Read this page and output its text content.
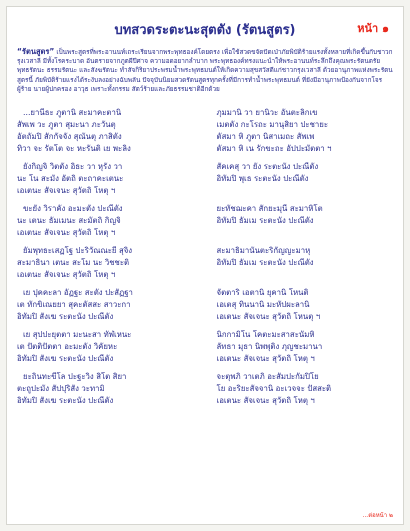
หน้า ๑
บทสวดระตะนะสุตตัง (รัตนสูตร)
“รัตนสูตร” เป็นพระสูตรที่พระอานนท์เถระเรียนจากพระพุทธองค์โดยตรง เพื่อใช้สวดขจัดปัดเป่าภัยพิบัติร้ายแรงทั้งหลายที่เกิดขึ้นกับชาวกรุงเวสาลี มีทั้งโรคระบาด อันตรายจากภูตผีปีศาจ ความอดอยากลำบาก พระพุทธองค์ทรงแนะนำให้พระอานนท์ระลึกถึงคุณพระรัตนตรัย พุทธรัตนะ ธรรมรัตนะ และสังฆรัตนะ ทำสัจกิริยาประพรมน้ำพระพุทธมนต์ให้เกิดความสุขสวัสดีแก่ชาวกรุงเวสาลี ด้วยอานุภาพแห่งพระรัตนสูตรนี้ ภัยพิบัติร้ายแรงได้ระงับลงอย่างฉับพลัน ปัจจุบันนิยมสวดรัตนสูตรทุกครั้งที่มีการทำน้ำพระพุทธมนต์ ที่ยังมีอานุภาพป้องกันจากโจรผู้ร้าย นายผู้ปกครอง อาวุธ เพราะทั้งกรรม สัตว์ร้ายและภัยธรรมชาติอีกด้วย
...ยานีธะ ภูตานิ สะมาคะตานิ
สัพเพ วะ ภูตา สุมะนา ภะวันตุ
อัตถัมปิ สักกัจจัง สุณันตุ ภาสิตัง
ทิวา จะ รัตโต จะ หะรันติ เย พะลิง
ภุมมานิ วา ยานิวะ อันตะลิกเข
เมตตัง กะโรถะ มานุสิยา ปะชายะ
ตัสมา หิ ภูตา นิสาเมถะ สัพเพ
ตัสมา หิ เน รักขะถะ อัปปะมัตตา ฯ
ยังกิญจิ วิตตัง อิธะ วา หุรัง วา
นะ โน สะมัง อัตถิ ตะถาคะเตนะ
เอเตนะ สัจเจนะ สุวัตถิ โหตุ ฯ
สัคเคสุ วา ยัง ระตะนัง ปะณีตัง
อิทัมปิ พุเธ ระตะนัง ปะณีตัง
ขะยัง วิราคัง อะมะตัง ปะณีตัง
นะ เตนะ ธัมเมนะ สะมัตถิ กิญจิ
เอเตนะ สัจเจนะ สุวัตถิ โหตุ ฯ
ยะทัชฌะคา สักยะมุนี สะมาหิโต
อิทัมปิ ธัมเม ระตะนัง ปะณีตัง
ยัมพุทธะเสฏโฐ ปะริวัณณะยี สุจิง
สะมาธินา เตนะ สะโม นะ วิชชะติ
เอเตนะ สัจเจนะ สุวัตถิ โหตุ ฯ
สะมาธิมานันตะริกัญญะมาหุ
อิทัมปิ ธัมเม ระตะนัง ปะณีตัง
เย ปุคคะลา อัฏฐะ สะตัง ปะสัฏฐา
เต ทักขิเณยยา สุคะตัสสะ สาวะกา
อิทัมปิ สังเฆ ระตะนัง ปะณีตัง
จัตตาริ เอตานิ ยุคานิ โหนติ
เอเตสุ ทินนานิ มะหัปผะลานิ
เอเตนะ สัจเจนะ สุวัตถิ โหนตุ ฯ
เย สุปปะยุตตา มะนะสา ทัฬเหนะ
เต ปัตติปัตตา อะมะตัง วิคัยหะ
อิทัมปิ สังเฆ ระตะนัง ปะณีตัง
นิกกามิโน โคตะมะสาสะนัมหิ
ลัทธา มุธา นิพพุติง ภุญชะมานา
เอเตนะ สัจเจนะ สุวัตถิ โหตุ ฯ
ยะถินทะขีโล ปะฐะวิง สิโต สิยา
ตะถูปะมัง สัปปุริสัง วะทามิ
อิทัมปิ สังเฆ ระตะนัง ปะณีตัง
จะตุพภิ วาเตภิ อะสัมปะกัมปิโย
โย อะริยะสัจจานิ อะเวจจะ ปัสสะติ
เอเตนะ สัจเจนะ สุวัตถิ โหตุ ฯ
...ต่อหน้า ๒
